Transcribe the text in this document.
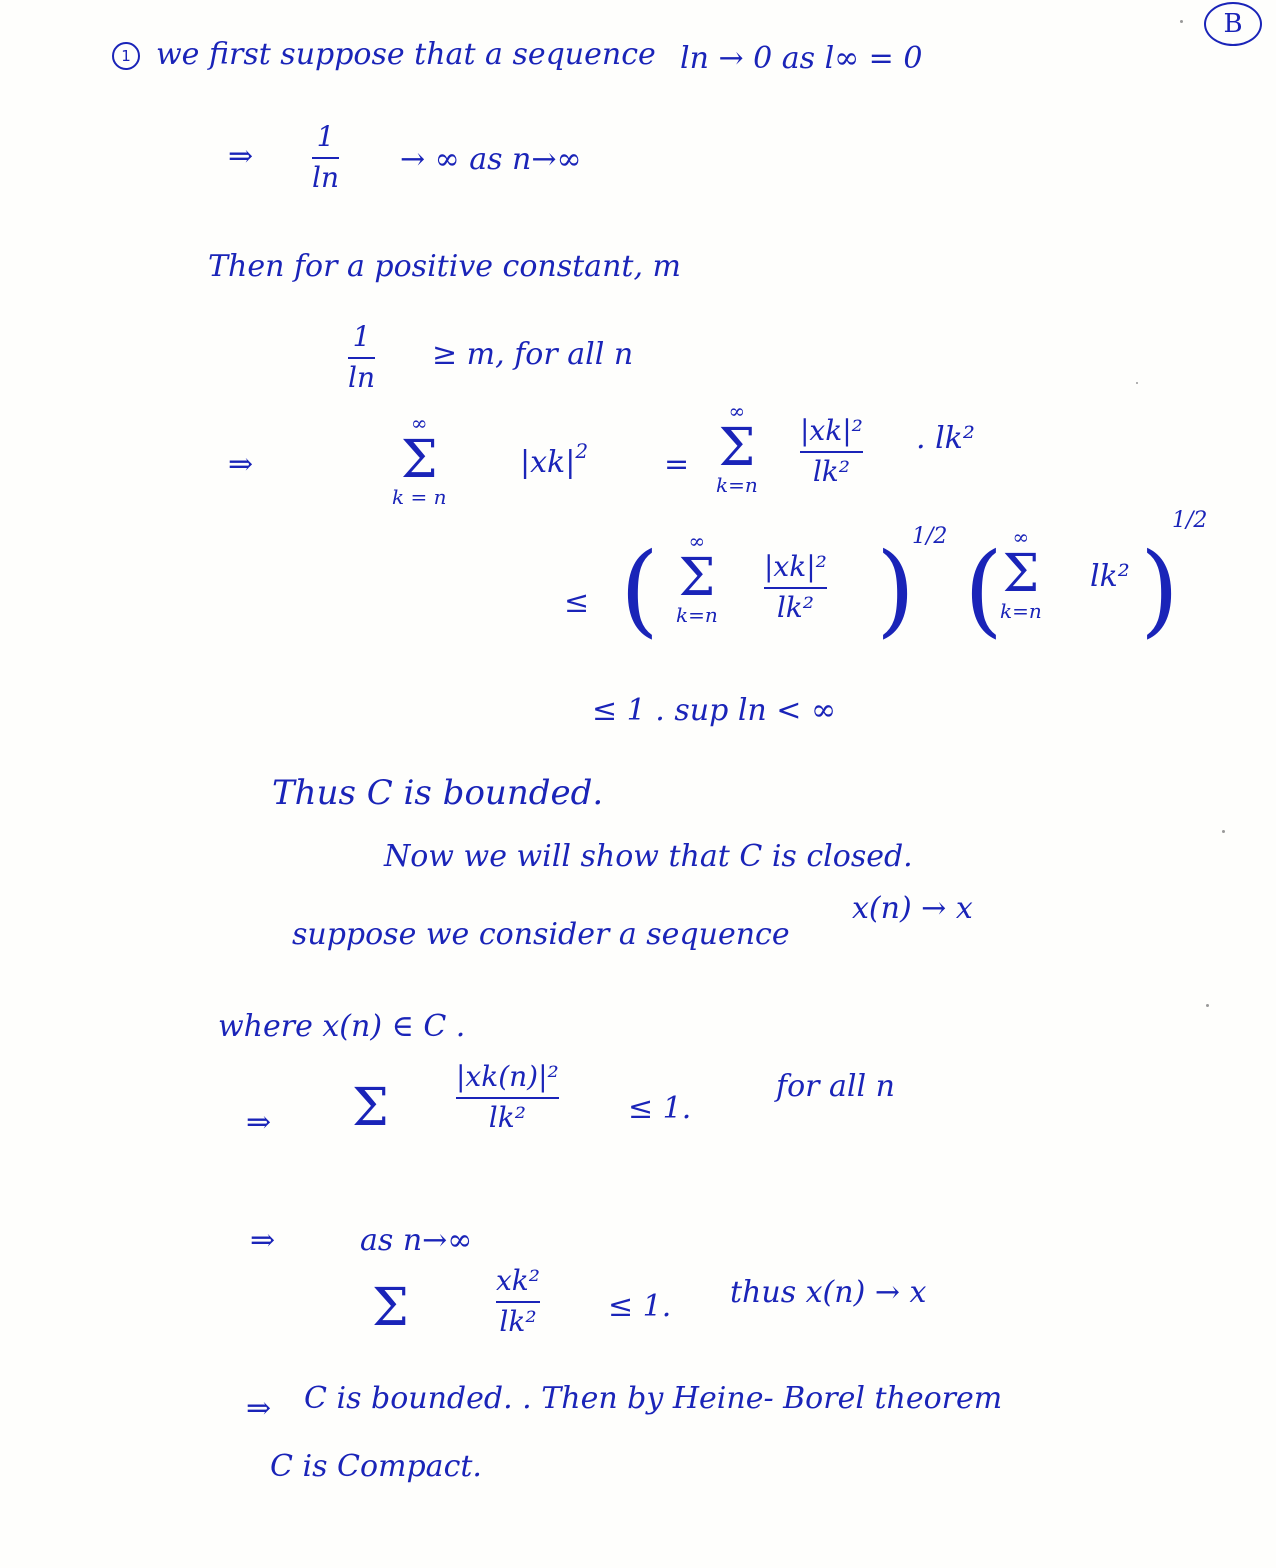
B
1 we first suppose that a sequence ln → 0 as l∞ = 0
⇒
1
ln
→ ∞ as n→∞
Then for a positive constant, m
1
ln
≥ m, for all n
⇒
∞
Σ
k = n
$|xk|^2$	=
∞
Σ
k=n
|xk|²
lk²
. lk²
≤ ( ∞
Σ
k=n
|xk|²
lk² )
1/2 ( ∞
Σ
k=n
lk² )
1/2
≤ 1 . sup ln < ∞
Thus C is bounded.
Now we will show that C is closed.
suppose we consider a sequence
x(n) → x
where x(n) ∈ C .
⇒ Σ
|xk(n)|²
lk²	≤ 1.
for all n
⇒	as n→∞
Σ	xk²
lk² ≤ 1. thus x(n) → x
⇒ C is bounded. . Then by Heine- Borel theorem
C is Compact.
